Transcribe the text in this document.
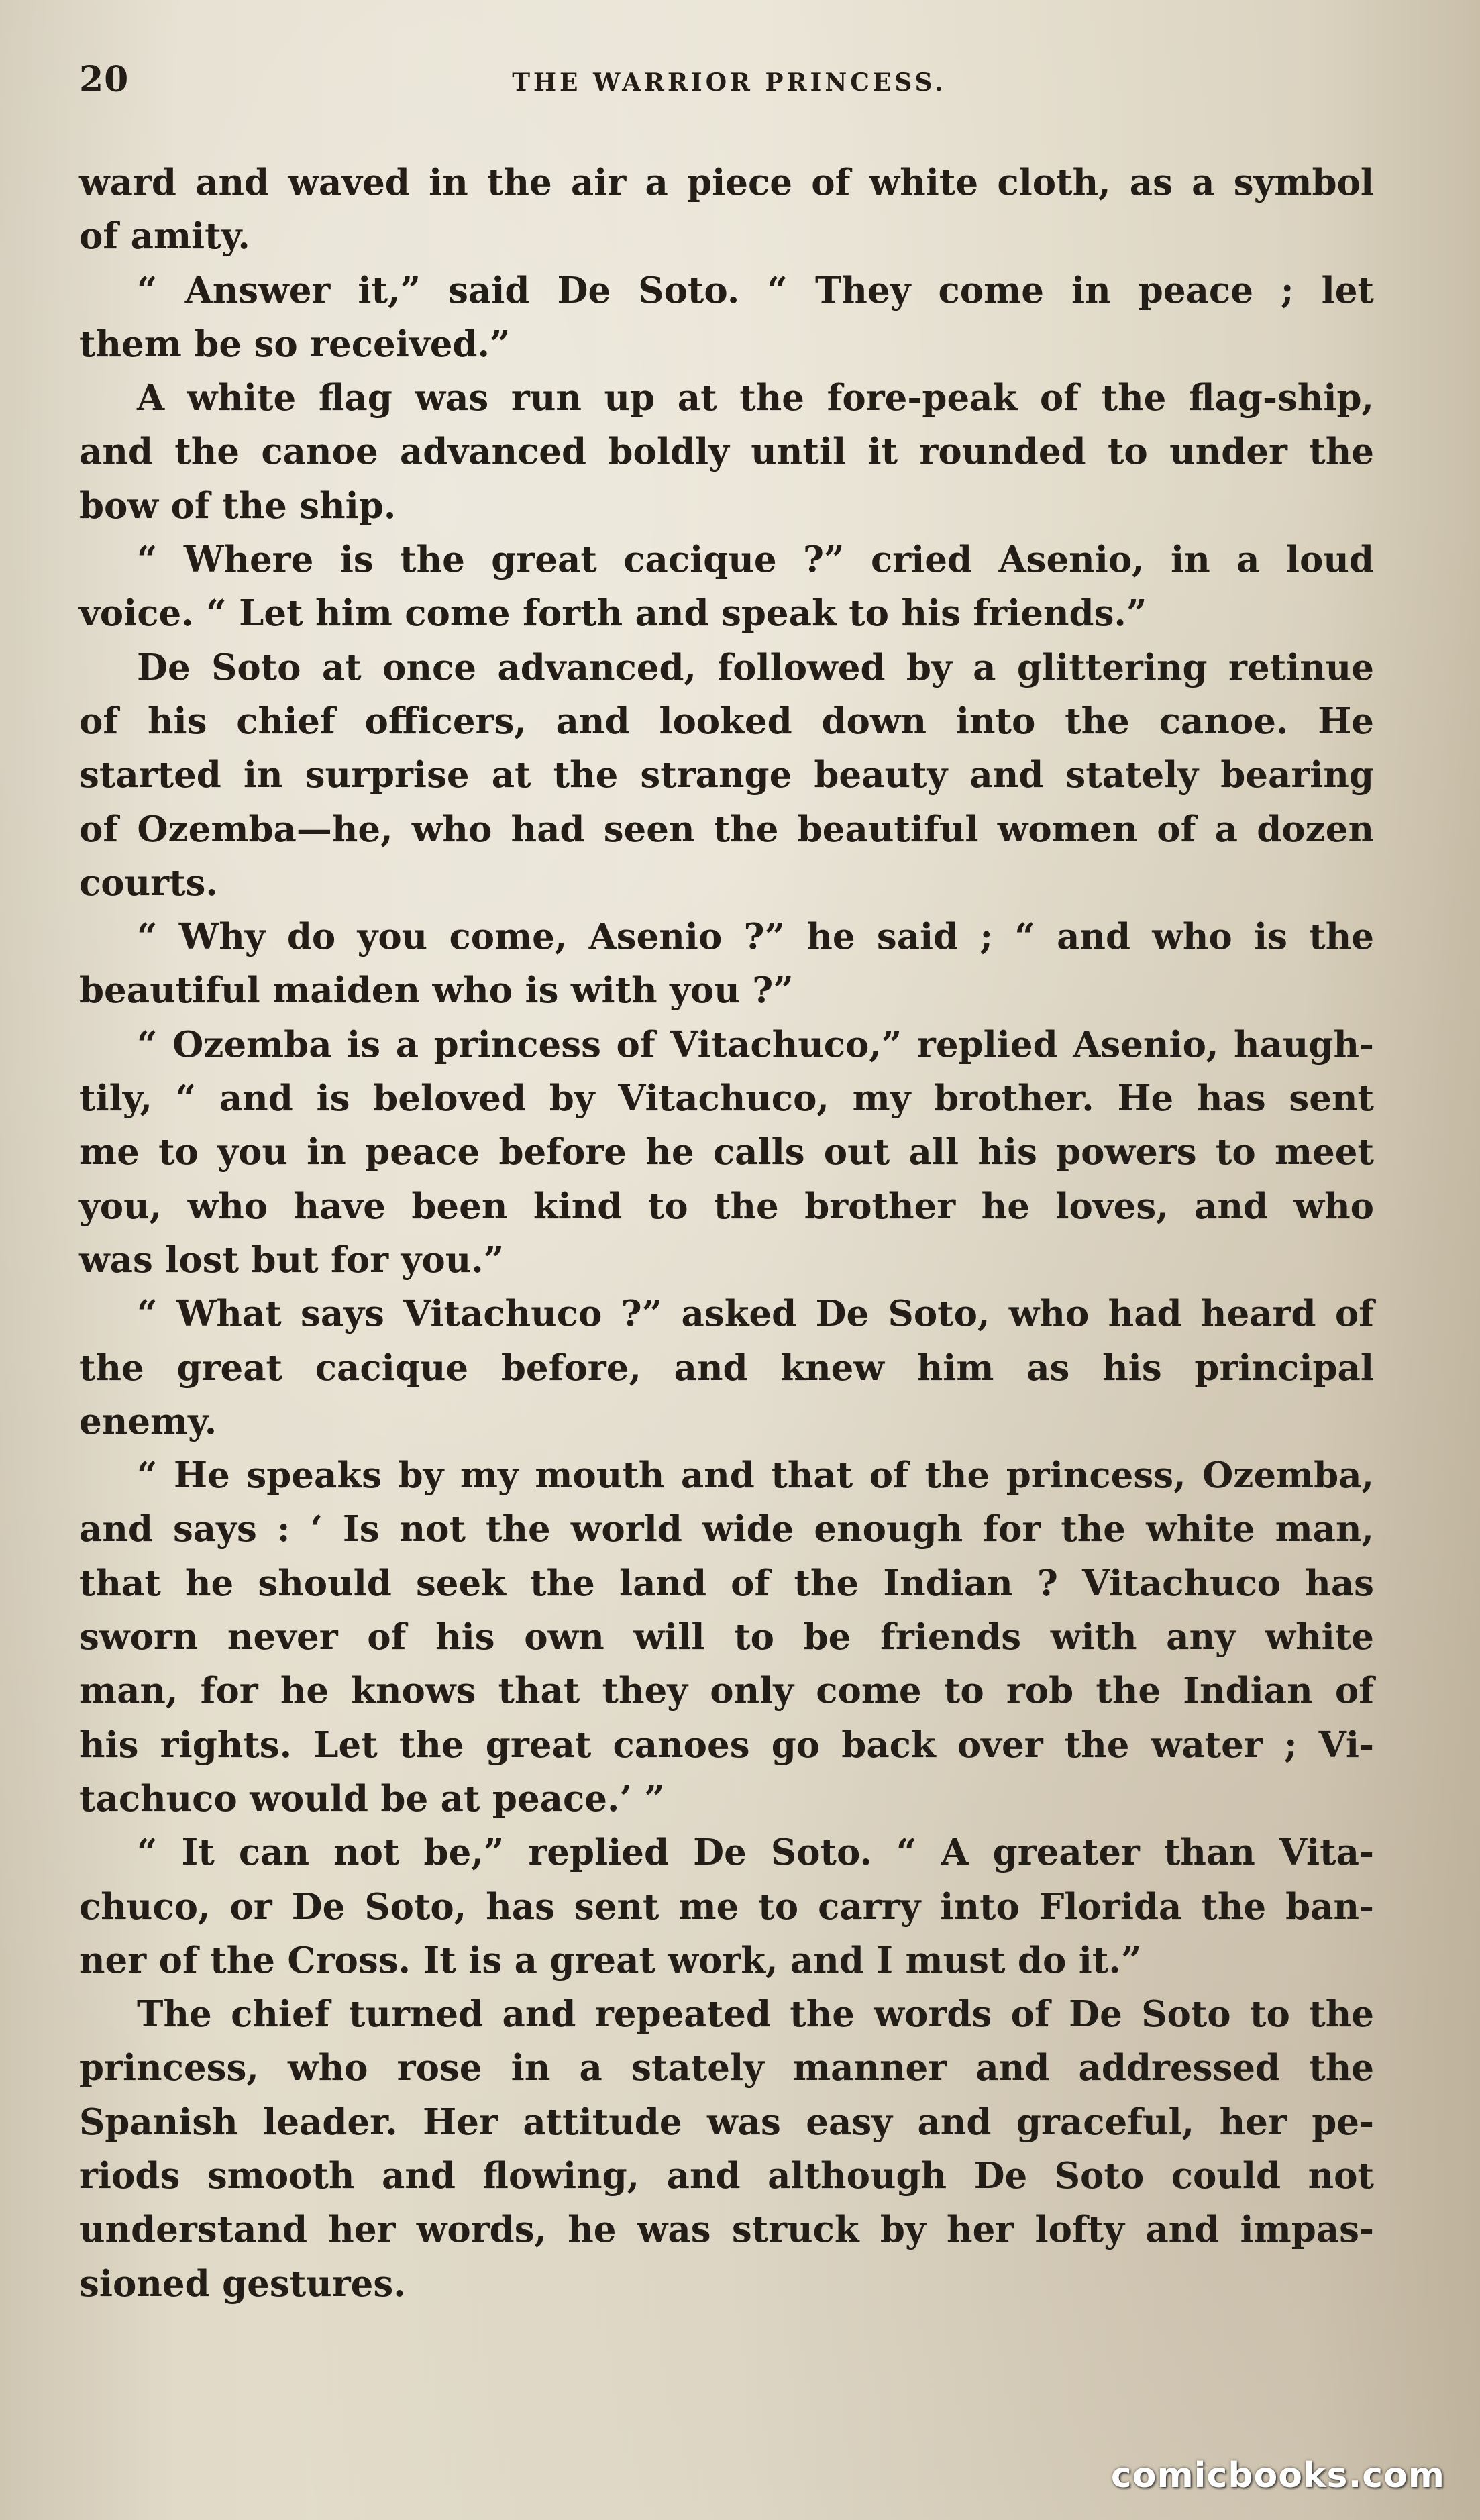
20	THE WARRIOR PRINCESS.
ward and waved in the air a piece of white cloth, as a symbol
of amity.
“ Answer it,” said De Soto. “ They come in peace ; let
them be so received.”
A white flag was run up at the fore-peak of the flag-ship,
and the canoe advanced boldly until it rounded to under the
bow of the ship.
“ Where is the great cacique ?” cried Asenio, in a loud
voice. “ Let him come forth and speak to his friends.”
De Soto at once advanced, followed by a glittering retinue
of his chief officers, and looked down into the canoe. He
started in surprise at the strange beauty and stately bearing
of Ozemba—he, who had seen the beautiful women of a dozen
courts.
“ Why do you come, Asenio ?” he said ; “ and who is the
beautiful maiden who is with you ?”
“ Ozemba is a princess of Vitachuco,” replied Asenio, haugh-
tily, “ and is beloved by Vitachuco, my brother. He has sent
me to you in peace before he calls out all his powers to meet
you, who have been kind to the brother he loves, and who
was lost but for you.”
“ What says Vitachuco ?” asked De Soto, who had heard of
the great cacique before, and knew him as his principal
enemy.
“ He speaks by my mouth and that of the princess, Ozemba,
and says : ‘ Is not the world wide enough for the white man,
that he should seek the land of the Indian ? Vitachuco has
sworn never of his own will to be friends with any white
man, for he knows that they only come to rob the Indian of
his rights. Let the great canoes go back over the water ; Vi-
tachuco would be at peace.’ ”
“ It can not be,” replied De Soto. “ A greater than Vita-
chuco, or De Soto, has sent me to carry into Florida the ban-
ner of the Cross. It is a great work, and I must do it.”
The chief turned and repeated the words of De Soto to the
princess, who rose in a stately manner and addressed the
Spanish leader. Her attitude was easy and graceful, her pe-
riods smooth and flowing, and although De Soto could not
understand her words, he was struck by her lofty and impas-
sioned gestures.
comicbooks.com
